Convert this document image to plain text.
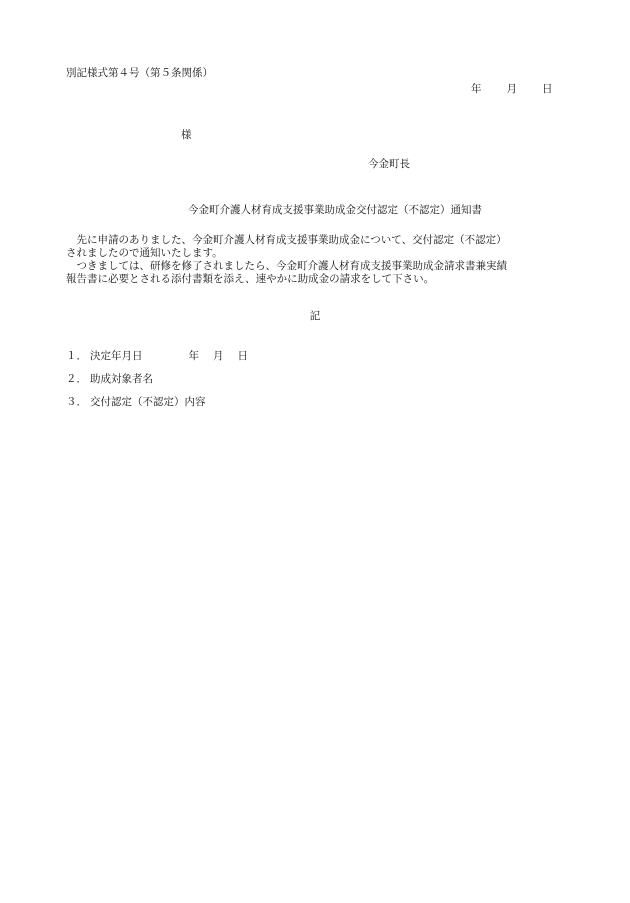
別記様式第４号（第５条関係）
年 月 日
様
今金町長
今金町介護人材育成支援事業助成金交付認定（不認定）通知書

　先に申請のありました、今金町介護人材育成支援事業助成金について、交付認定（不認定）

されましたので通知いたします。

　つきましては、研修を修了されましたら、今金町介護人材育成支援事業助成金請求書兼実績

報告書に必要とされる添付書類を添え、速やかに助成金の請求をして下さい。

記
１． 決定年月日	年 月 日
２． 助成対象者名
３． 交付認定（不認定）内容
